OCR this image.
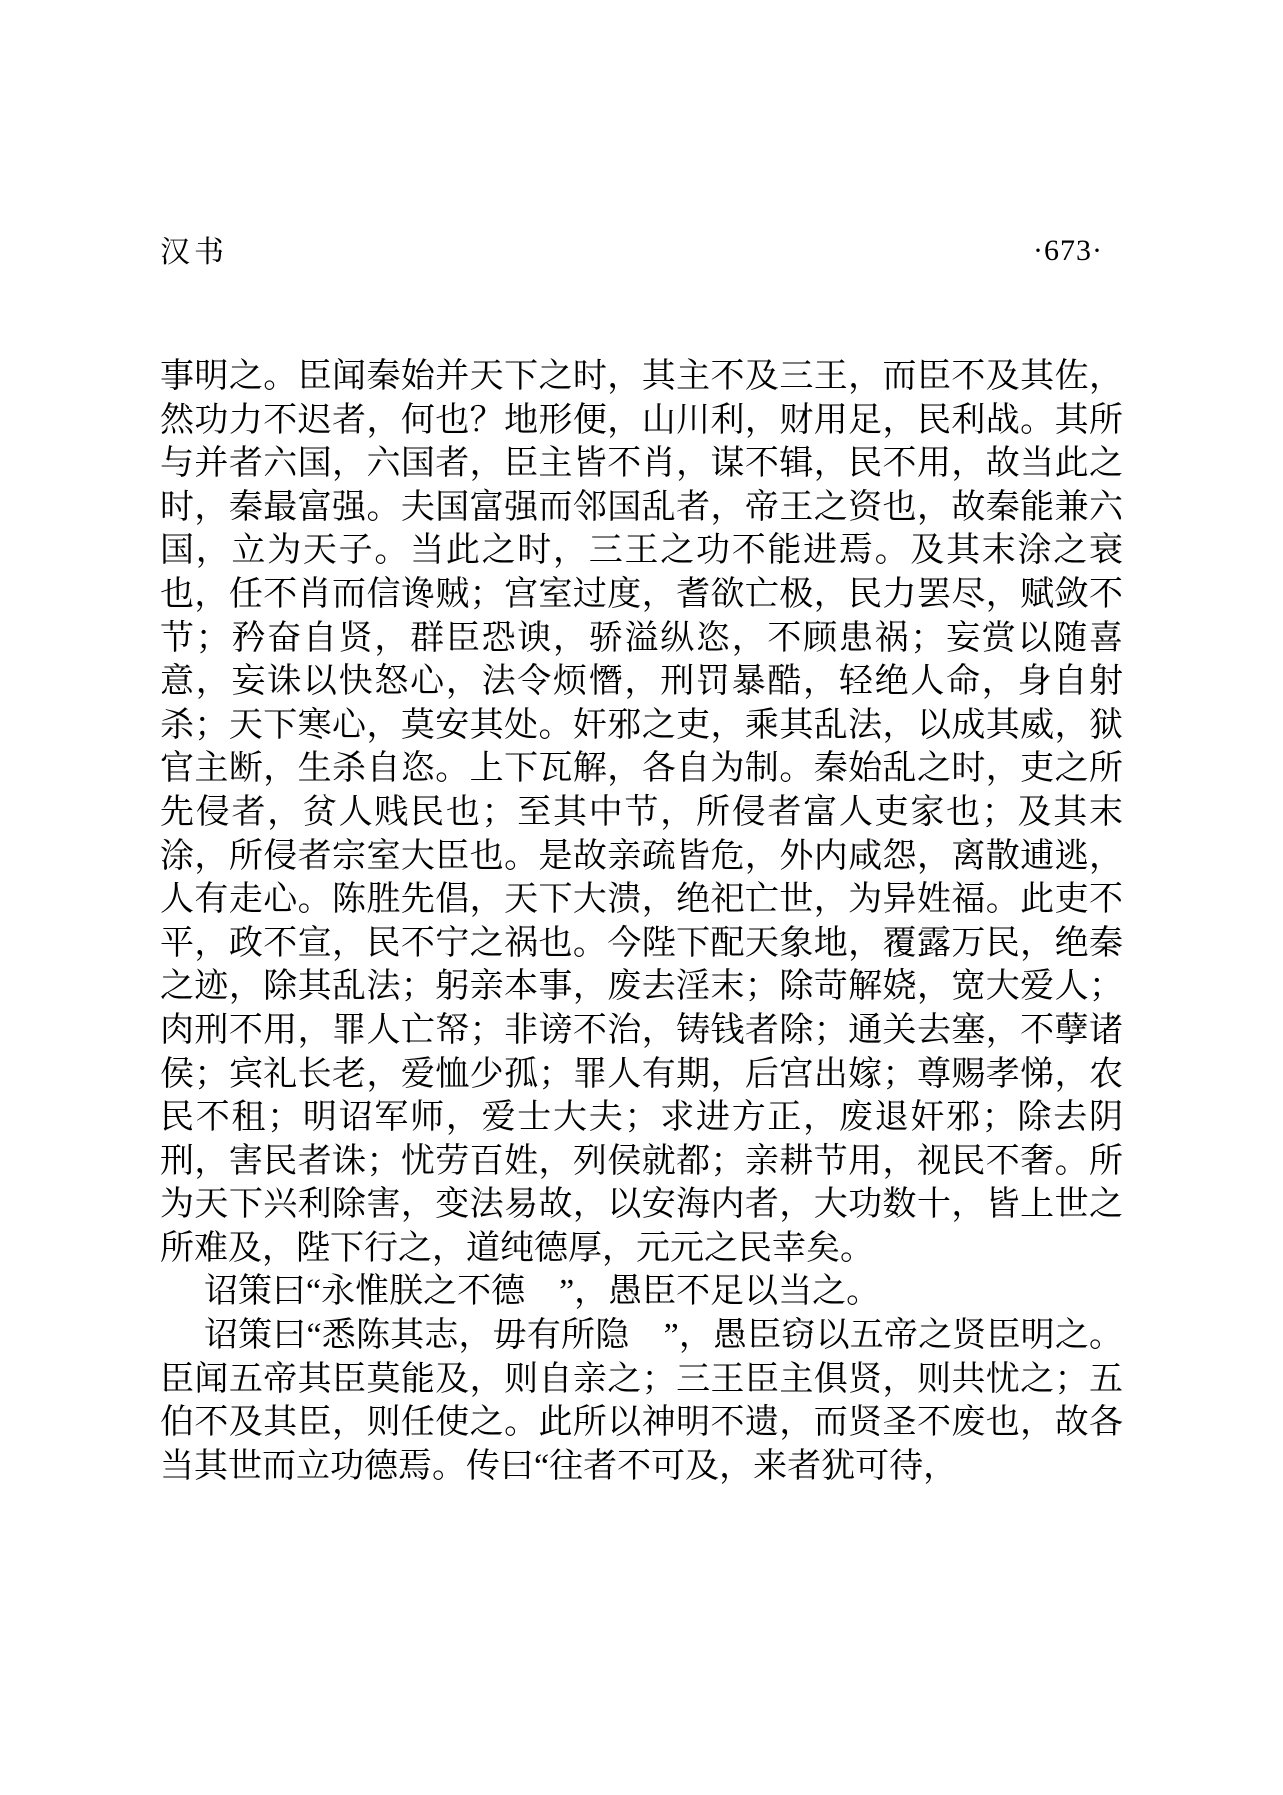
汉书	·673·

事明之。臣闻秦始并天下之时，其主不及三王，而臣不及其佐，然功力不迟者，何也？地形便，山川利，财用足，民利战。其所与并者六国，六国者，臣主皆不肖，谋不辑，民不用，故当此之时，秦最富强。夫国富强而邻国乱者，帝王之资也，故秦能兼六国，立为天子。当此之时，三王之功不能进焉。及其末涂之衰也，任不肖而信谗贼；宫室过度，耆欲亡极，民力罢尽，赋敛不节；矜奋自贤，群臣恐谀，骄溢纵恣，不顾患祸；妄赏以随喜意，妄诛以快怒心，法令烦憯，刑罚暴酷，轻绝人命，身自射杀；天下寒心，莫安其处。奸邪之吏，乘其乱法，以成其威，狱官主断，生杀自恣。上下瓦解，各自为制。秦始乱之时，吏之所先侵者，贫人贱民也；至其中节，所侵者富人吏家也；及其末涂，所侵者宗室大臣也。是故亲疏皆危，外内咸怨，离散逋逃，人有走心。陈胜先倡，天下大溃，绝祀亡世，为异姓福。此吏不平，政不宣，民不宁之祸也。今陛下配天象地，覆露万民，绝秦之迹，除其乱法；躬亲本事，废去淫末；除苛解娆，宽大爱人；肉刑不用，罪人亡帑；非谤不治，铸钱者除；通关去塞，不孽诸侯；宾礼长老，爱恤少孤；罪人有期，后宫出嫁；尊赐孝悌，农民不租；明诏军师，爱士大夫；求进方正，废退奸邪；除去阴刑，害民者诛；忧劳百姓，列侯就都；亲耕节用，视民不奢。所为天下兴利除害，变法易故，以安海内者，大功数十，皆上世之所难及，陛下行之，道纯德厚，元元之民幸矣。

诏策曰“永惟朕之不德　”，愚臣不足以当之。

诏策曰“悉陈其志，毋有所隐　”，愚臣窃以五帝之贤臣明之。臣闻五帝其臣莫能及，则自亲之；三王臣主俱贤，则共忧之；五伯不及其臣，则任使之。此所以神明不遗，而贤圣不废也，故各当其世而立功德焉。传曰“往者不可及，来者犹可待，
